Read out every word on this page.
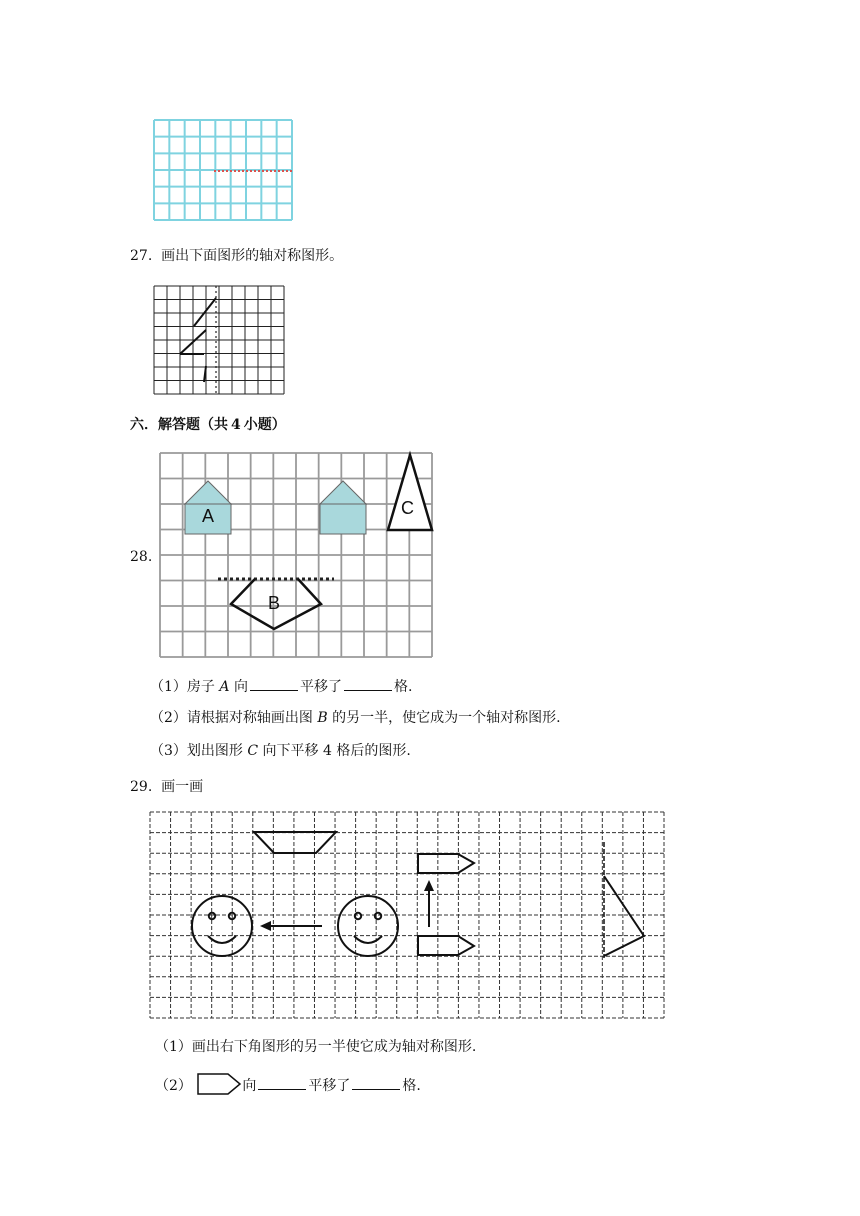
27. 画出下面图形的轴对称图形。
六．解答题（共 4 小题）
28.
A	C
B
（1）房子 A 向	平移了	格.
（2）请根据对称轴画出图 B 的另一半，使它成为一个轴对称图形.
（3）划出图形 C 向下平移 4 格后的图形.
29. 画一画
（1）画出右下角图形的另一半使它成为轴对称图形.
（2）	向	平移了	格.
